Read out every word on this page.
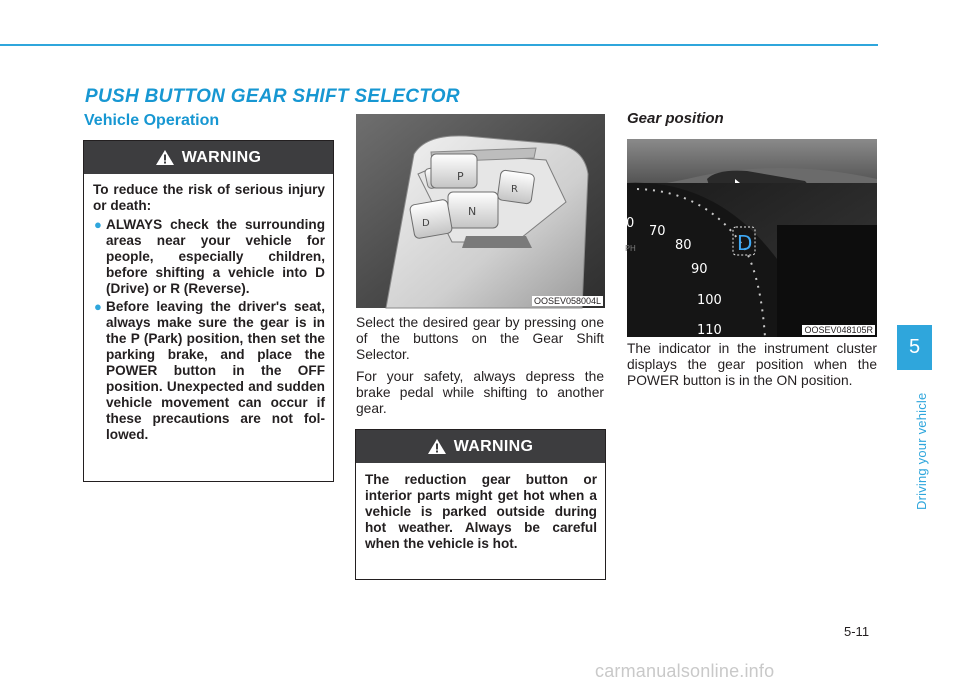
PUSH BUTTON GEAR SHIFT SELECTOR
Vehicle Operation
WARNING

To reduce the risk of serious injury or death:

● ALWAYS check the surrounding areas near your vehicle for people, especially children, before shifting a vehicle into D (Drive) or R (Reverse).
● Before leaving the driver's seat, always make sure the gear is in the P (Park) position, then set the parking brake, and place the POWER button in the OFF position. Unexpected and sudden vehicle movement can occur if these precautions are not followed.
P
R
N
D
OOSEV058004L

Select the desired gear by pressing one of the buttons on the Gear Shift Selector.

For your safety, always depress the brake pedal while shifting to another gear.

WARNING

The reduction gear button or interior parts might get hot when a vehicle is parked outside during hot weather. Always be careful when the vehicle is hot.

Gear position
D
0
70
80
90
100
110
PH
OOSEV048105R

The indicator in the instrument cluster displays the gear position when the POWER button is in the ON position.

5
Driving your vehicle
5-11
carmanualsonline.info
